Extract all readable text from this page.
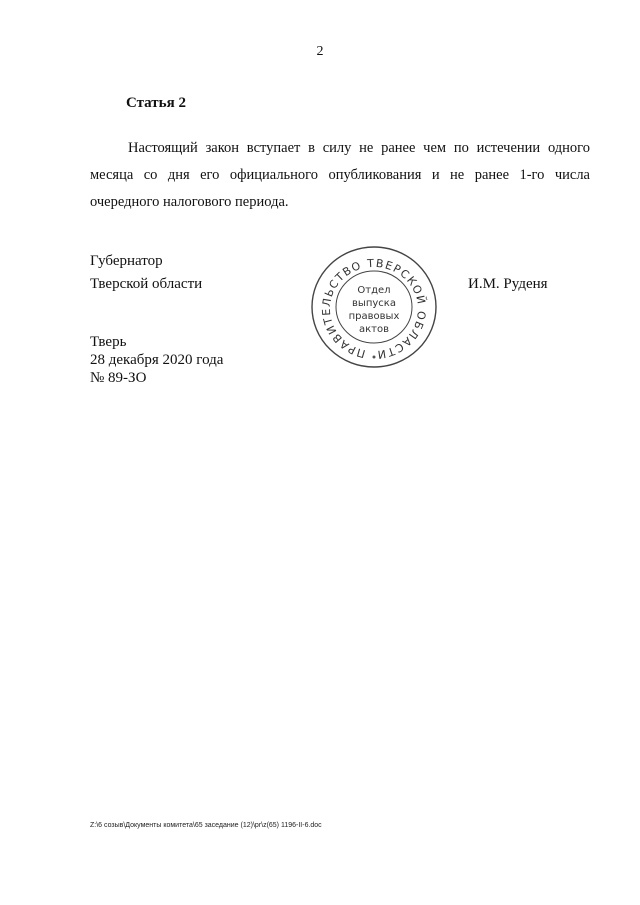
2
Статья 2
Настоящий закон вступает в силу не ранее чем по истечении одного месяца со дня его официального опубликования и не ранее 1-го числа очередного налогового периода.
Губернатор
Тверской области	И.М. Руденя
ПРАВИТЕЛЬСТВО ТВЕРСКОЙ ОБЛАСТИ
Отдел
выпуска
правовых
актов
Тверь
28 декабря 2020 года
№ 89-ЗО
Z:\6 созыв\Документы комитета\65 заседание (12)\pr\z(65) 1196-II-6.doc
